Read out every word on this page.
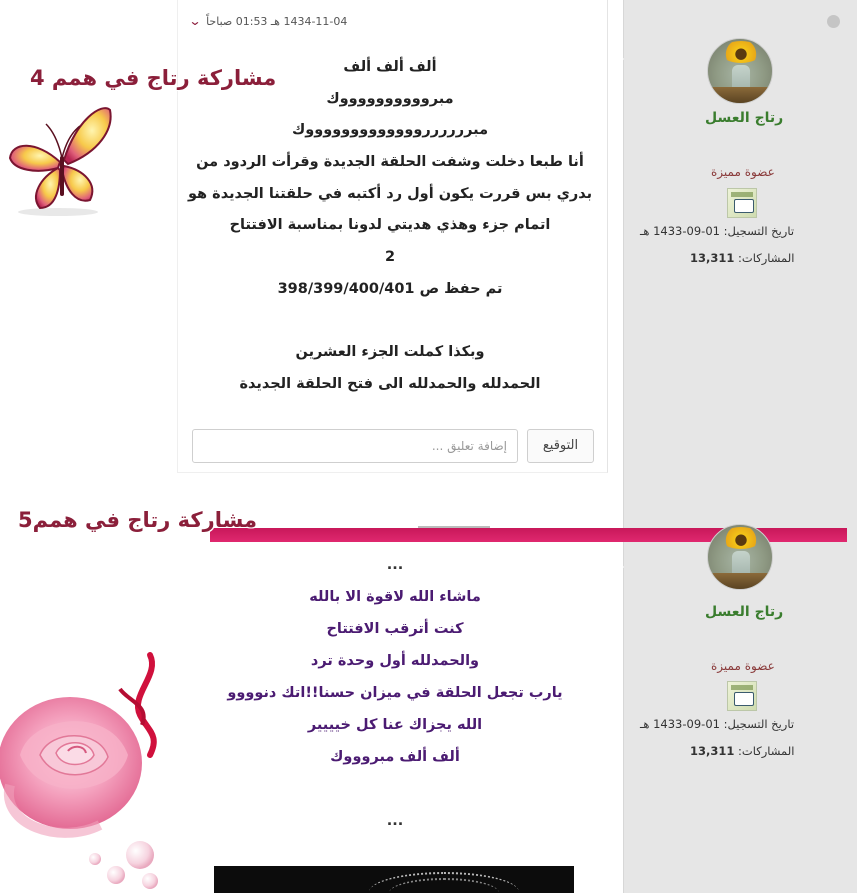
1434-11-04 هـ 01:53 صباحاً
⌄
ألف ألف ألف
مبرووووووووووك
مبرررررروووووووووووووك
أنا طبعا دخلت وشفت الحلقة الجديدة وقرأت الردود من
بدري بس قررت يكون أول رد أكتبه في حلقتنا الجديدة هو
اتمام جزء وهذي هديتي لدونا بمناسبة الافتتاح
2
تم حفظ ص 398/399/400/401
وبكذا كملت الجزء العشرين
الحمدلله والحمدلله الى فتح الحلقة الجديدة
إضافة تعليق ...
التوقيع
رتاج العسل
عضوة مميزة
تاريخ التسجيل: 01-09-1433 هـ
المشاركات: 13,311
مشاركة رتاج في همم 4
مشاركة رتاج في همم5
...
ماشاء الله لاقوة الا بالله
كنت أترقب الافتتاح
والحمدلله أول وحدة ترد
يارب تجعل الحلقة في ميزان حسنا!!اتك دنوووو
الله يجزاك عنا كل خيييير
ألف ألف مبروووك
...
رتاج العسل
عضوة مميزة
تاريخ التسجيل: 01-09-1433 هـ
المشاركات: 13,311
